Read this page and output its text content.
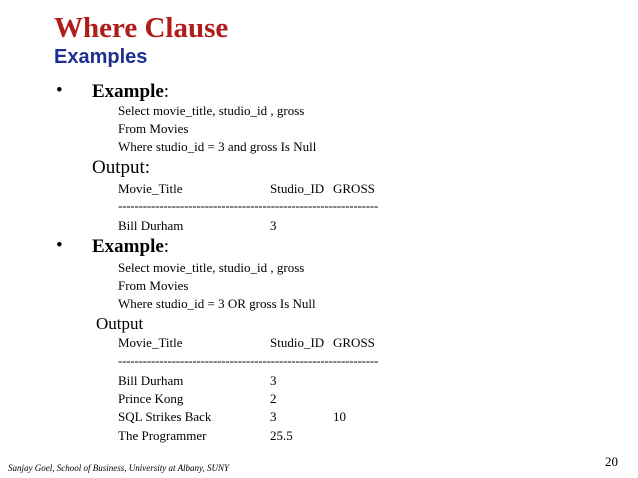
Where Clause
Examples
• Example:
Select movie_title, studio_id , gross
From Movies
Where studio_id = 3 and gross Is Null
Output:
Movie_Title	Studio_ID GROSS
---------------------------------------------------------------
Bill Durham	3
• Example:
Select movie_title, studio_id , gross
From Movies
Where studio_id = 3 OR gross Is Null
Output
Movie_Title	Studio_ID GROSS
---------------------------------------------------------------
Bill Durham	3
Prince Kong	2
SQL Strikes Back	3	10
The Programmer	25.5
Sanjay Goel, School of Business, University at Albany, SUNY	20
